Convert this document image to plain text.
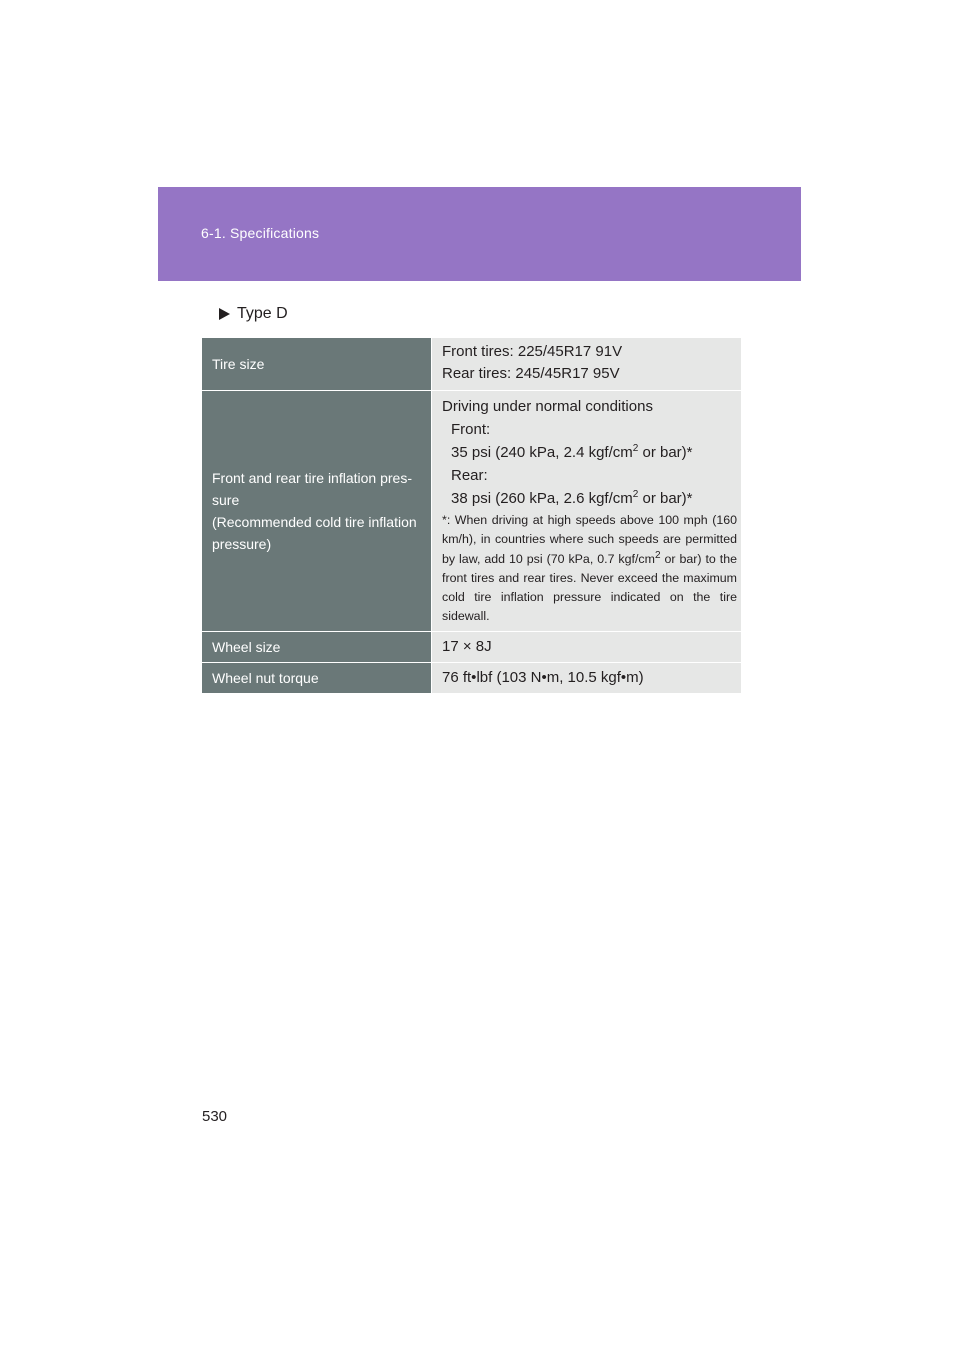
6-1. Specifications
Type D
Tire size
Front tires: 225/45R17 91V
Rear tires: 245/45R17 95V
Front and rear tire inflation pres-
sure
(Recommended cold tire inflation
pressure)
Driving under normal conditions
Front:
35 psi (240 kPa, 2.4 kgf/$cm^2$ or bar)*
Rear:
38 psi (260 kPa, 2.6 kgf/$cm^2$ or bar)*
*: When driving at high speeds above 100 mph (160 km/h), in countries where such speeds are permitted by law, add 10 psi (70 kPa, 0.7 kgf/$cm^2$ or bar) to the front tires and rear tires. Never exceed the maximum cold tire inflation pressure indicated on the tire sidewall.
Wheel size	17 × 8J
Wheel nut torque	76 ft•lbf (103 N•m, 10.5 kgf•m)
530
